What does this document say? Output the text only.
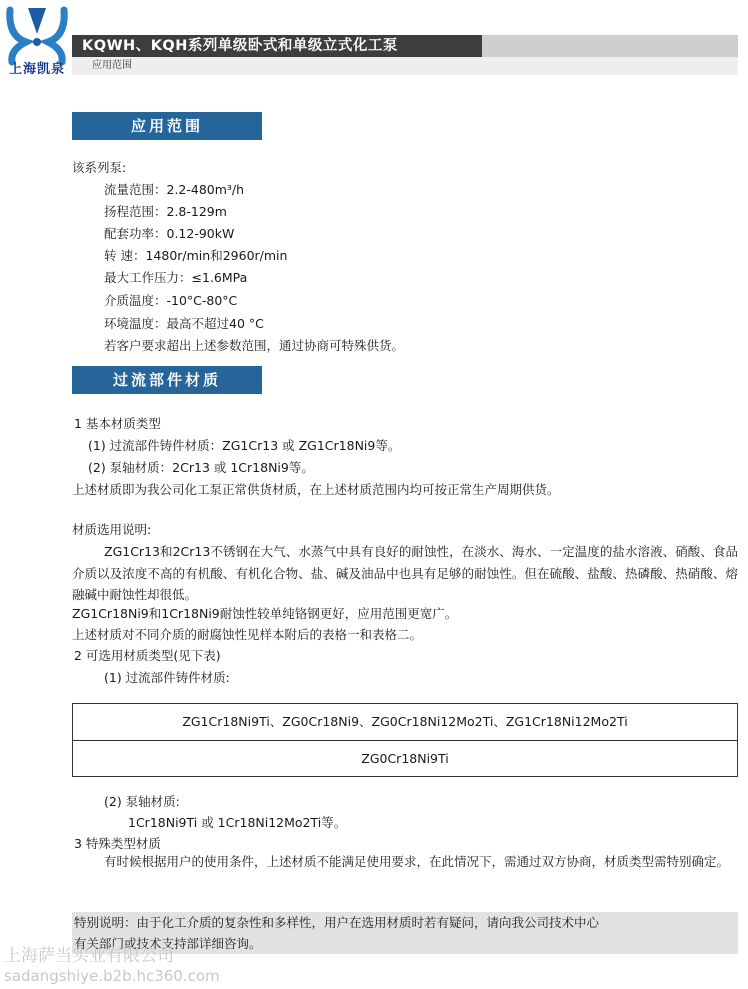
上海凯泉
KQWH、KQH系列单级卧式和单级立式化工泵
应用范围
应用范围
该系列泵:
流量范围：2.2-480m³/h
扬程范围：2.8-129m
配套功率：0.12-90kW
转 速：1480r/min和2960r/min
最大工作压力：≤1.6MPa
介质温度：-10°C-80°C
环境温度：最高不超过40 °C
若客户要求超出上述参数范围，通过协商可特殊供货。
过流部件材质
1 基本材质类型
(1) 过流部件铸件材质：ZG1Cr13 或 ZG1Cr18Ni9等。
(2) 泵轴材质：2Cr13 或 1Cr18Ni9等。
上述材质即为我公司化工泵正常供货材质，在上述材质范围内均可按正常生产周期供货。
材质选用说明:
ZG1Cr13和2Cr13不锈钢在大气、水蒸气中具有良好的耐蚀性，在淡水、海水、一定温度的盐水溶液、硝酸、食品介质以及浓度不高的有机酸、有机化合物、盐、碱及油品中也具有足够的耐蚀性。但在硫酸、盐酸、热磷酸、热硝酸、熔融碱中耐蚀性却很低。
ZG1Cr18Ni9和1Cr18Ni9耐蚀性较单纯铬钢更好，应用范围更宽广。
上述材质对不同介质的耐腐蚀性见样本附后的表格一和表格二。
2 可选用材质类型(见下表)
(1) 过流部件铸件材质:
ZG1Cr18Ni9Ti、ZG0Cr18Ni9、ZG0Cr18Ni12Mo2Ti、ZG1Cr18Ni12Mo2Ti
ZG0Cr18Ni9Ti
(2) 泵轴材质:
1Cr18Ni9Ti 或 1Cr18Ni12Mo2Ti等。
3 特殊类型材质
有时候根据用户的使用条件，上述材质不能满足使用要求，在此情况下，需通过双方协商，材质类型需特别确定。
特别说明：由于化工介质的复杂性和多样性，用户在选用材质时若有疑问，请向我公司技术中心
有关部门或技术支持部详细咨询。
上海萨当实业有限公司
sadangshiye.b2b.hc360.com
